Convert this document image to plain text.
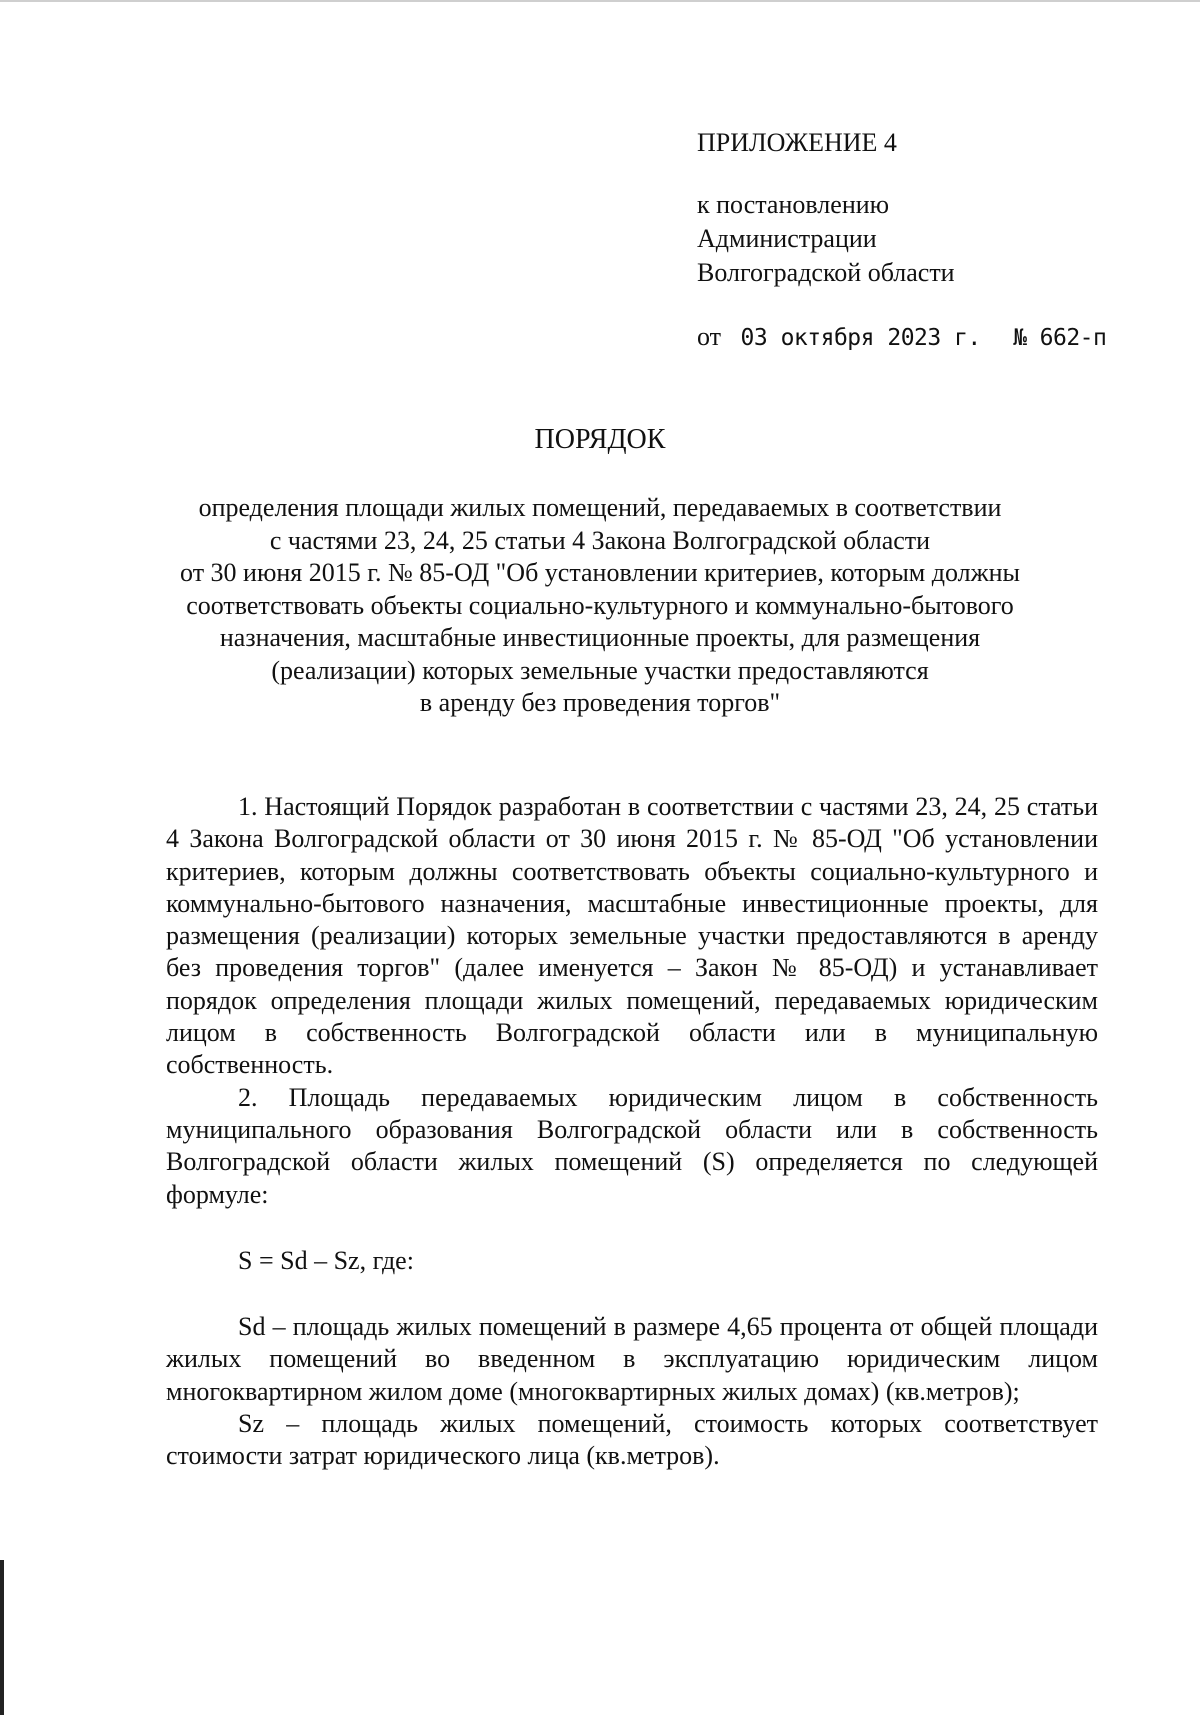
ПРИЛОЖЕНИЕ 4
к постановлению
Администрации
Волгоградской области
от 03 октября 2023 г. № 662-п
ПОРЯДОК
определения площади жилых помещений, передаваемых в соответствии
с частями 23, 24, 25 статьи 4 Закона Волгоградской области
от 30 июня 2015 г. № 85-ОД "Об установлении критериев, которым должны
соответствовать объекты социально-культурного и коммунально-бытового
назначения, масштабные инвестиционные проекты, для размещения
(реализации) которых земельные участки предоставляются
в аренду без проведения торгов"

1. Настоящий Порядок разработан в соответствии с частями 23, 24, 25 статьи 4 Закона Волгоградской области от 30 июня 2015 г. № 85-ОД "Об установлении критериев, которым должны соответствовать объекты социально-культурного и коммунально-бытового назначения, масштабные инвестиционные проекты, для размещения (реализации) которых земельные участки предоставляются в аренду без проведения торгов" (далее именуется – Закон № 85-ОД) и устанавливает порядок определения площади жилых помещений, передаваемых юридическим лицом в собственность Волгоградской области или в муниципальную собственность.

2. Площадь передаваемых юридическим лицом в собственность муниципального образования Волгоградской области или в собственность Волгоградской области жилых помещений (S) определяется по следующей формуле:

S = Sd – Sz, где:

Sd – площадь жилых помещений в размере 4,65 процента от общей площади жилых помещений во введенном в эксплуатацию юридическим лицом многоквартирном жилом доме (многоквартирных жилых домах) (кв.метров);

Sz – площадь жилых помещений, стоимость которых соответствует стоимости затрат юридического лица (кв.метров).
